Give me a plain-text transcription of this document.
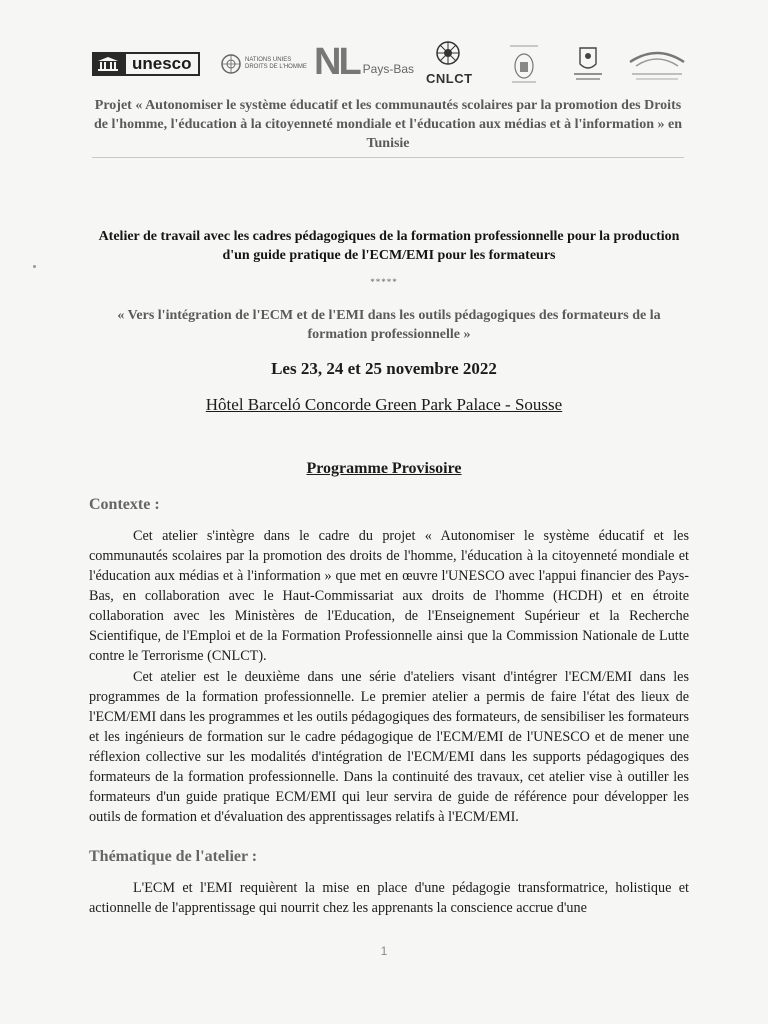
unesco	NATIONS UNIES
DROITS DE L'HOMME NL Pays-Bas
CNLCT
Projet « Autonomiser le système éducatif et les communautés scolaires par la promotion des Droits de l'homme, l'éducation à la citoyenneté mondiale et l'éducation aux médias et à l'information » en Tunisie
Atelier de travail avec les cadres pédagogiques de la formation professionnelle pour la production d'un guide pratique de l'ECM/EMI pour les formateurs
*****
« Vers l'intégration de l'ECM et de l'EMI dans les outils pédagogiques des formateurs de la formation professionnelle »
Les 23, 24 et 25 novembre 2022
Hôtel Barceló Concorde Green Park Palace - Sousse
Programme Provisoire
Contexte :
Cet atelier s'intègre dans le cadre du projet « Autonomiser le système éducatif et les communautés scolaires par la promotion des droits de l'homme, l'éducation à la citoyenneté mondiale et l'éducation aux médias et à l'information » que met en œuvre l'UNESCO avec l'appui financier des Pays-Bas, en collaboration avec le Haut-Commissariat aux droits de l'homme (HCDH) et en étroite collaboration avec les Ministères de l'Education, de l'Enseignement Supérieur et la Recherche Scientifique, de l'Emploi et de la Formation Professionnelle ainsi que la Commission Nationale de Lutte contre le Terrorisme (CNLCT).
Cet atelier est le deuxième dans une série d'ateliers visant d'intégrer l'ECM/EMI dans les programmes de la formation professionnelle. Le premier atelier a permis de faire l'état des lieux de l'ECM/EMI dans les programmes et les outils pédagogiques des formateurs, de sensibiliser les formateurs et les ingénieurs de formation sur le cadre pédagogique de l'ECM/EMI de l'UNESCO et de mener une réflexion collective sur les modalités d'intégration de l'ECM/EMI dans les supports pédagogiques des formateurs de la formation professionnelle. Dans la continuité des travaux, cet atelier vise à outiller les formateurs d'un guide pratique ECM/EMI qui leur servira de guide de référence pour développer les outils de formation et d'évaluation des apprentissages relatifs à l'ECM/EMI.
Thématique de l'atelier :
L'ECM et l'EMI requièrent la mise en place d'une pédagogie transformatrice, holistique et actionnelle de l'apprentissage qui nourrit chez les apprenants la conscience accrue d'une
1
